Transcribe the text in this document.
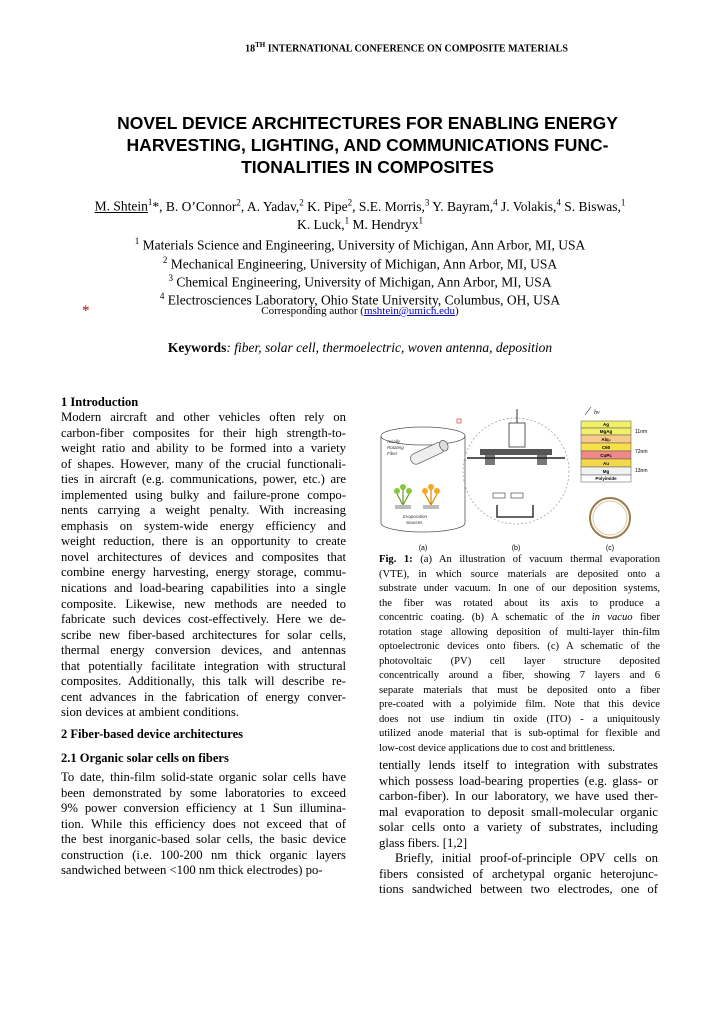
18TH INTERNATIONAL CONFERENCE ON COMPOSITE MATERIALS
NOVEL DEVICE ARCHITECTURES FOR ENABLING ENERGY
HARVESTING, LIGHTING, AND COMMUNICATIONS FUNC-
TIONALITIES IN COMPOSITES
M. Shtein$^1$*, B. O’Connor$^2$, A. Yadav,$^2$ K. Pipe$^2$, S.E. Morris,$^3$ Y. Bayram,$^4$ J. Volakis,$^4$ S. Biswas,$^1$
K. Luck,$^1$ M. Hendryx$^1$
$^1$ Materials Science and Engineering, University of Michigan, Ann Arbor, MI, USA
$^2$ Mechanical Engineering, University of Michigan, Ann Arbor, MI, USA
$^3$ Chemical Engineering, University of Michigan, Ann Arbor, MI, USA
$^4$ Electrosciences Laboratory, Ohio State University, Columbus, OH, USA
*	Corresponding author (mshtein@umich.edu)
Keywords: fiber, solar cell, thermoelectric, woven antenna, deposition
1 Introduction
Modern aircraft and other vehicles often rely on
carbon-fiber composites for their high strength-to-
weight ratio and ability to be formed into a variety
of shapes. However, many of the crucial functionali-
ties in aircraft (e.g. communications, power, etc.) are
implemented using bulky and failure-prone compo-
nents carrying a weight penalty. With increasing
emphasis on system-wide energy efficiency and
weight reduction, there is an opportunity to create
novel architectures of devices and composites that
combine energy harvesting, energy storage, commu-
nications and load-bearing capabilities into a single
composite. Likewise, new methods are needed to
fabricate such devices cost-effectively. Here we de-
scribe new fiber-based architectures for solar cells,
thermal energy conversion devices, and antennas
that potentially facilitate integration with structural
composites. Additionally, this talk will describe re-
cent advances in the fabrication of energy conver-
sion devices at ambient conditions.
2 Fiber-based device architectures
2.1 Organic solar cells on fibers
To date, thin-film solid-state organic solar cells have
been demonstrated by some laboratories to exceed
9% power conversion efficiency at 1 Sun illumina-
tion. While this efficiency does not exceed that of
the best inorganic-based solar cells, the basic device
construction (i.e. 100-200 nm thick organic layers
sandwiched between <100 nm thick electrodes) po-
Axially
Rotating
Fiber
Evaporation
Sources
hv
Ag
MgAg
Alq₃
C60
CuPc
Au
Mg
Polyimide
11nm
72nm
13nm
(a)	(b)	(c)
Fig. 1: (a) An illustration of vacuum thermal evaporation
(VTE), in which source materials are deposited onto a
substrate under vacuum. In one of our deposition systems,
the fiber was rotated about its axis to produce a
concentric coating. (b) A schematic of the in vacuo fiber
rotation stage allowing deposition of multi-layer thin-film
optoelectronic devices onto fibers. (c) A schematic of the
photovoltaic (PV) cell layer structure deposited
concentrically around a fiber, showing 7 layers and 6
separate materials that must be deposited onto a fiber
pre-coated with a polyimide film. Note that this device
does not use indium tin oxide (ITO) - a uniquitously
utilized anode material that is sub-optimal for flexible and
low-cost device applications due to cost and brittleness.
tentially lends itself to integration with substrates
which possess load-bearing properties (e.g. glass- or
carbon-fiber). In our laboratory, we have used ther-
mal evaporation to deposit small-molecular organic
solar cells onto a variety of substrates, including
glass fibers. [1,2]
Briefly, initial proof-of-principle OPV cells on
fibers consisted of archetypal organic heterojunc-
tions sandwiched between two electrodes, one of
